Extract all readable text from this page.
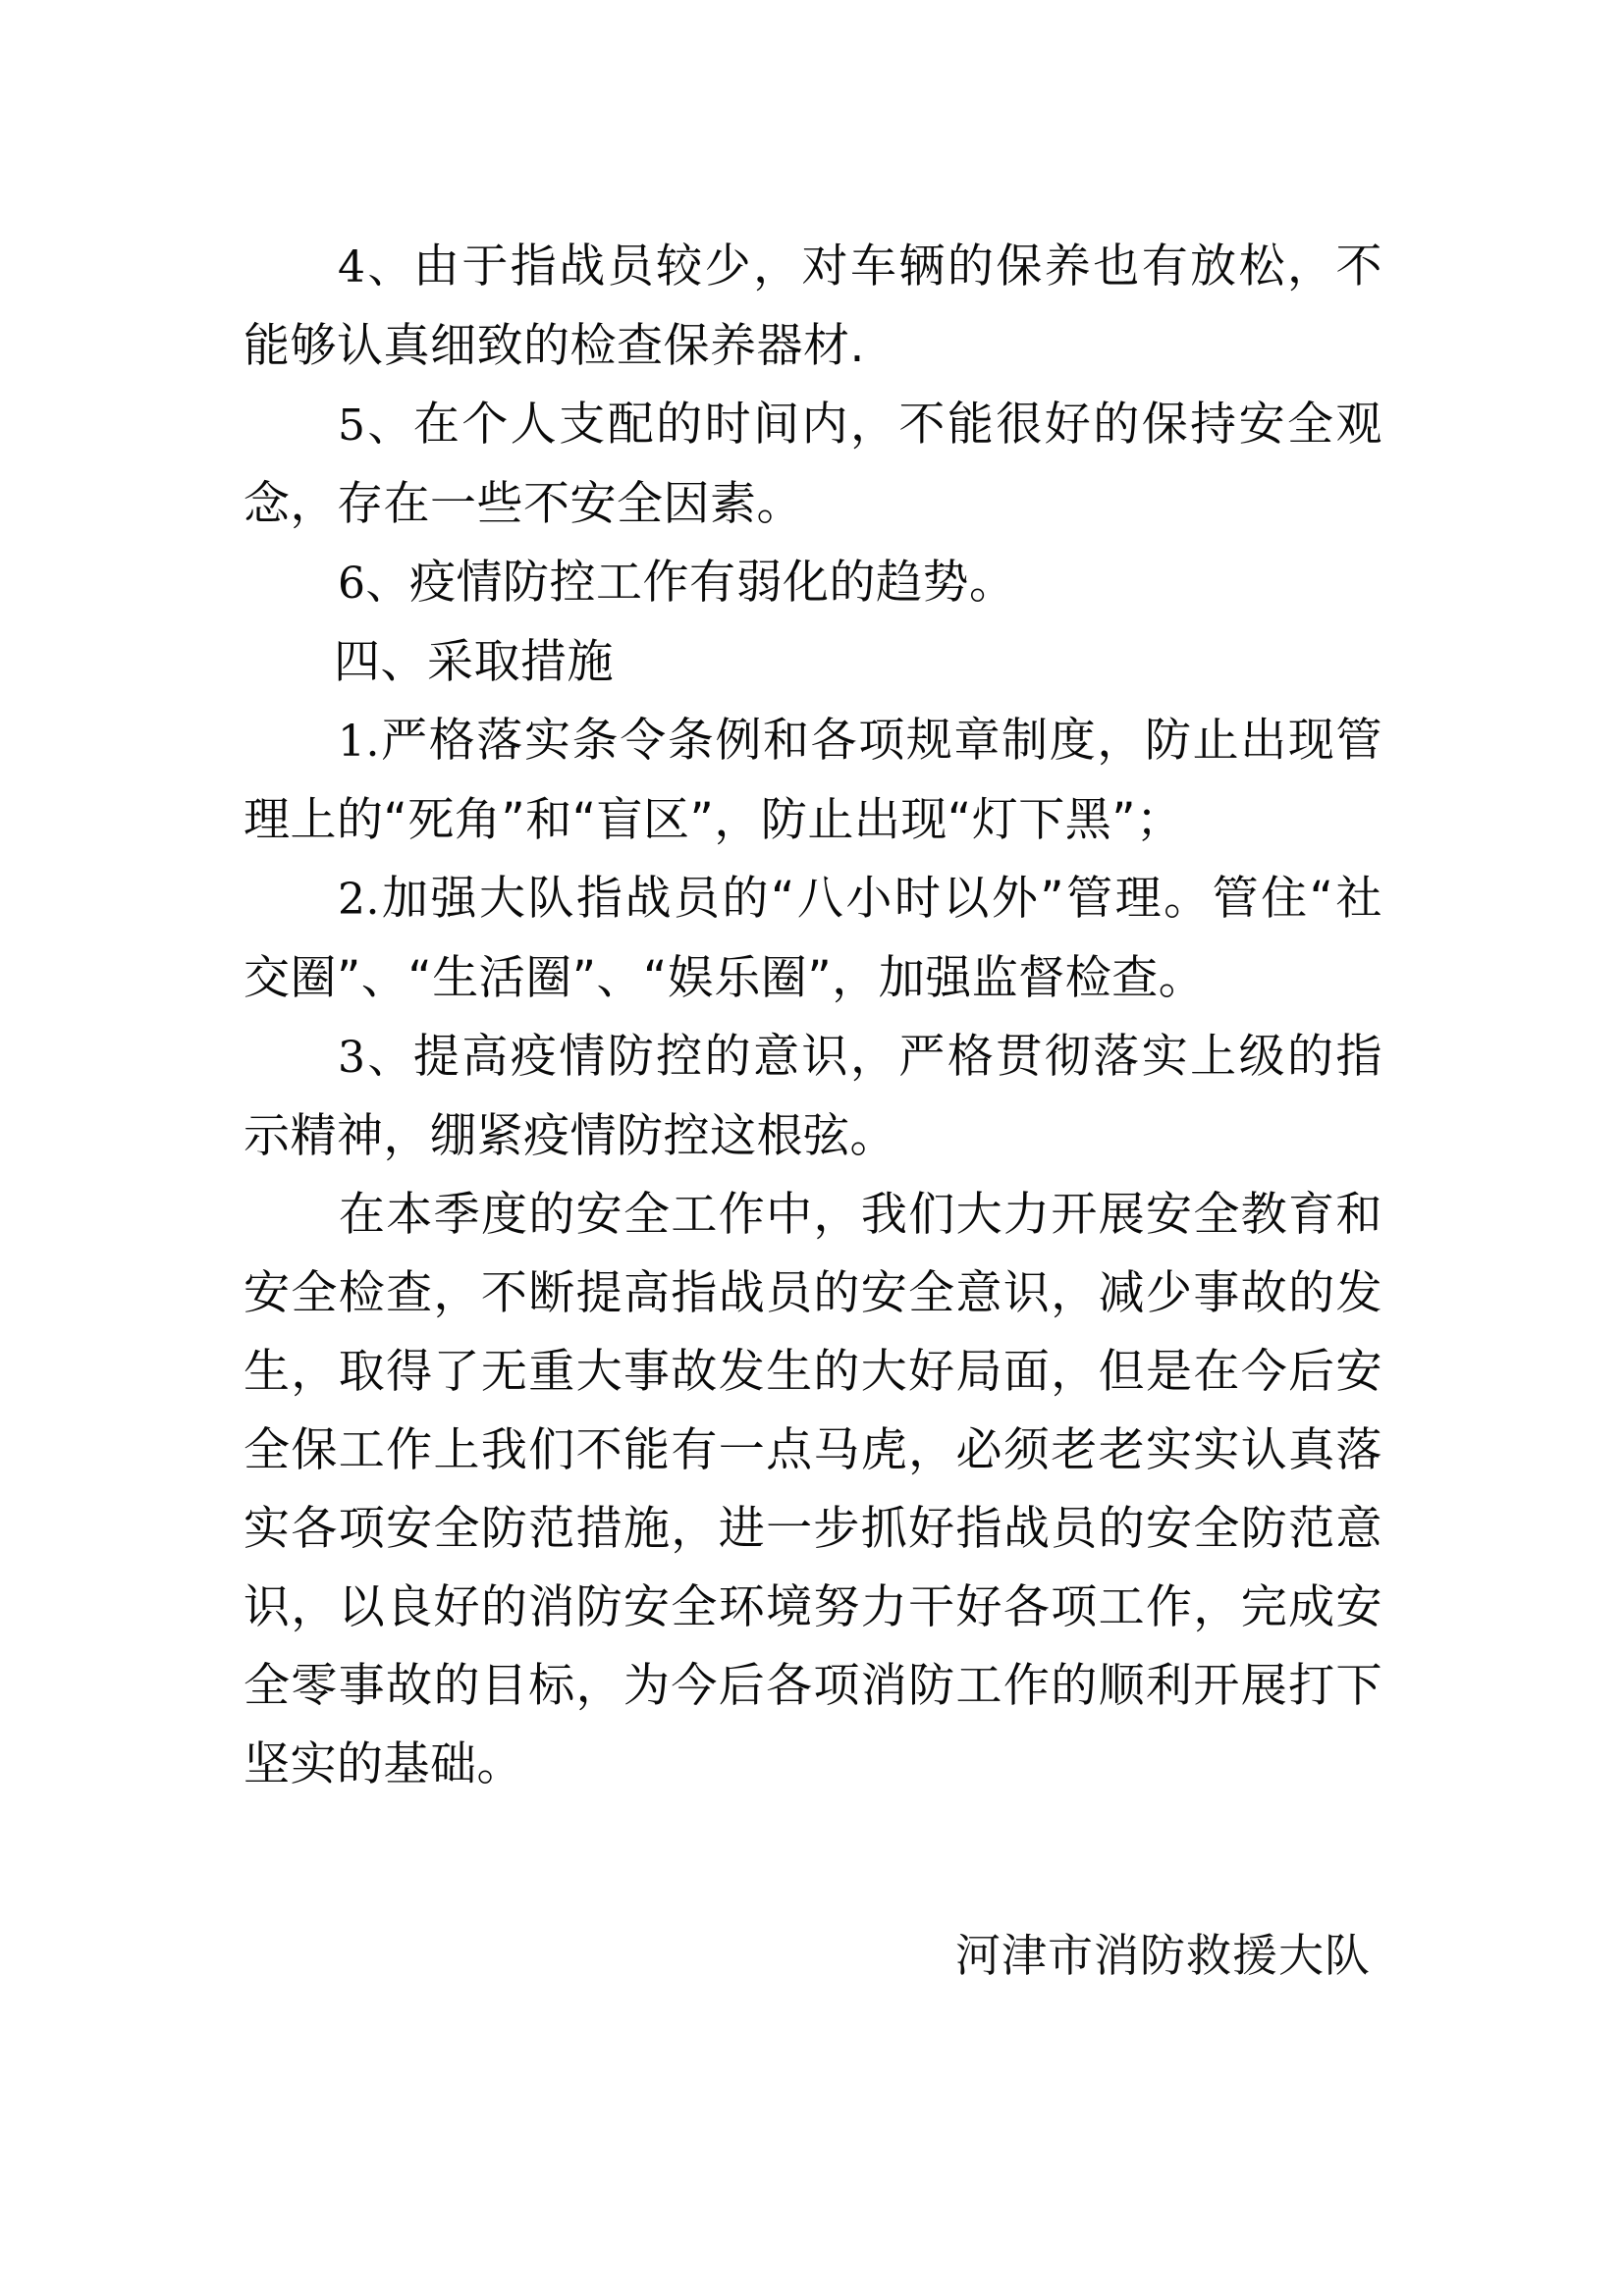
4、由于指战员较少，对车辆的保养也有放松，不能够认真细致的检查保养器材.

5、在个人支配的时间内，不能很好的保持安全观念，存在一些不安全因素。

6、疫情防控工作有弱化的趋势。

四、采取措施

1.严格落实条令条例和各项规章制度，防止出现管理上的“死角”和“盲区”，防止出现“灯下黑”；

2.加强大队指战员的“八小时以外”管理。管住“社交圈”、“生活圈”、“娱乐圈”，加强监督检查。

3、提高疫情防控的意识，严格贯彻落实上级的指示精神，绷紧疫情防控这根弦。

在本季度的安全工作中，我们大力开展安全教育和安全检查，不断提高指战员的安全意识，减少事故的发生，取得了无重大事故发生的大好局面，但是在今后安全保工作上我们不能有一点马虎，必须老老实实认真落实各项安全防范措施，进一步抓好指战员的安全防范意识，以良好的消防安全环境努力干好各项工作，完成安全零事故的目标，为今后各项消防工作的顺利开展打下坚实的基础。

河津市消防救援大队
